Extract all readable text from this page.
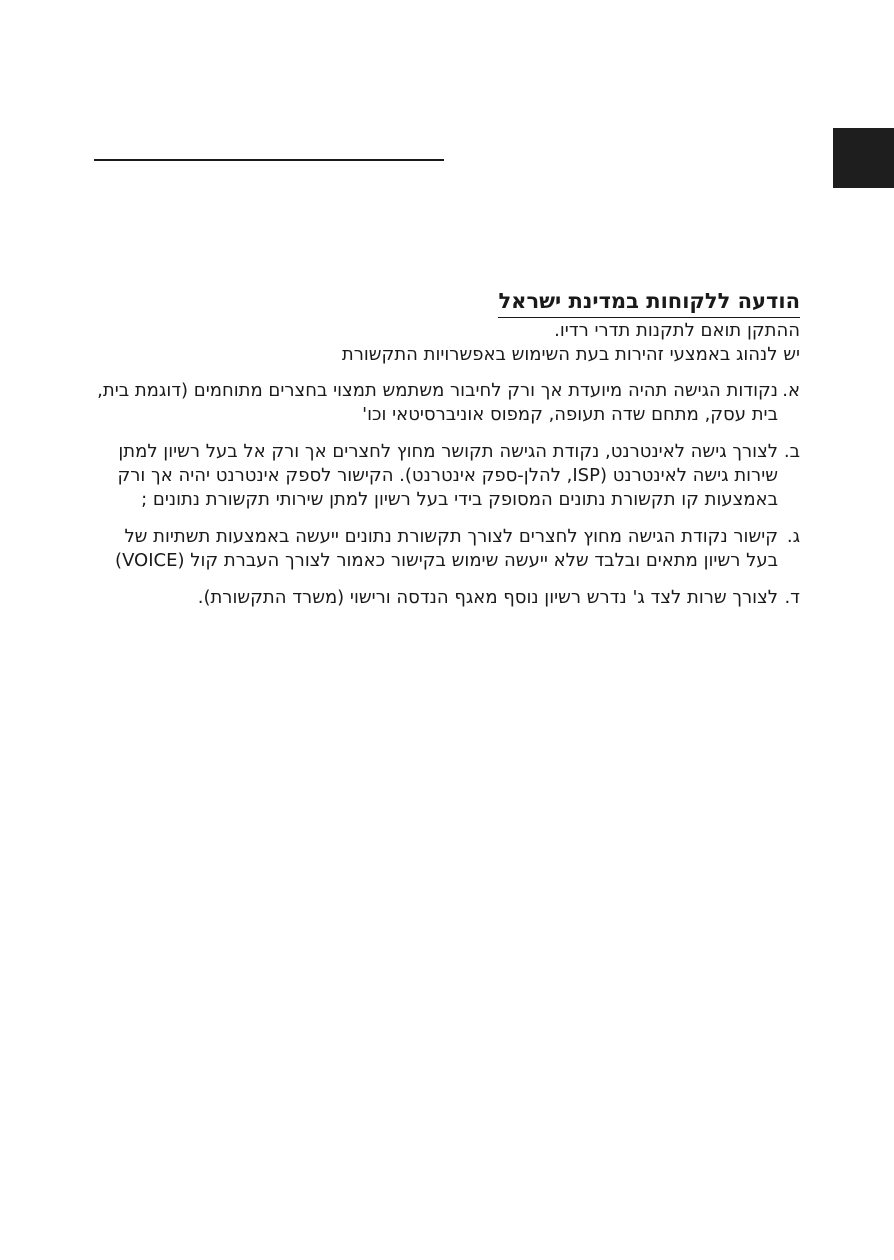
הודעה ללקוחות במדינת ישראל

ההתקן תואם לתקנות תדרי רדיו.

יש לנהוג באמצעי זהירות בעת השימוש באפשרויות התקשורת

א.
נקודות הגישה תהיה מיועדת אך ורק לחיבור משתמש תמצוי בחצרים מתוחמים (דוגמת בית, בית עסק, מתחם שדה תעופה, קמפוס אוניברסיטאי וכו'
ב.
לצורך גישה לאינטרנט, נקודת הגישה תקושר מחוץ לחצרים אך ורק אל בעל רשיון למתן שירות גישה לאינטרנט (ISP, להלן-ספק אינטרנט). הקישור לספק אינטרנט יהיה אך ורק באמצעות קו תקשורת נתונים המסופק בידי בעל רשיון למתן שירותי תקשורת נתונים ;
ג.
קישור נקודת הגישה מחוץ לחצרים לצורך תקשורת נתונים ייעשה באמצעות תשתיות של בעל רשיון מתאים ובלבד שלא ייעשה שימוש בקישור כאמור לצורך העברת קול (VOICE)
ד.
לצורך שרות לצד ג' נדרש רשיון נוסף מאגף הנדסה ורישוי (משרד התקשורת).
